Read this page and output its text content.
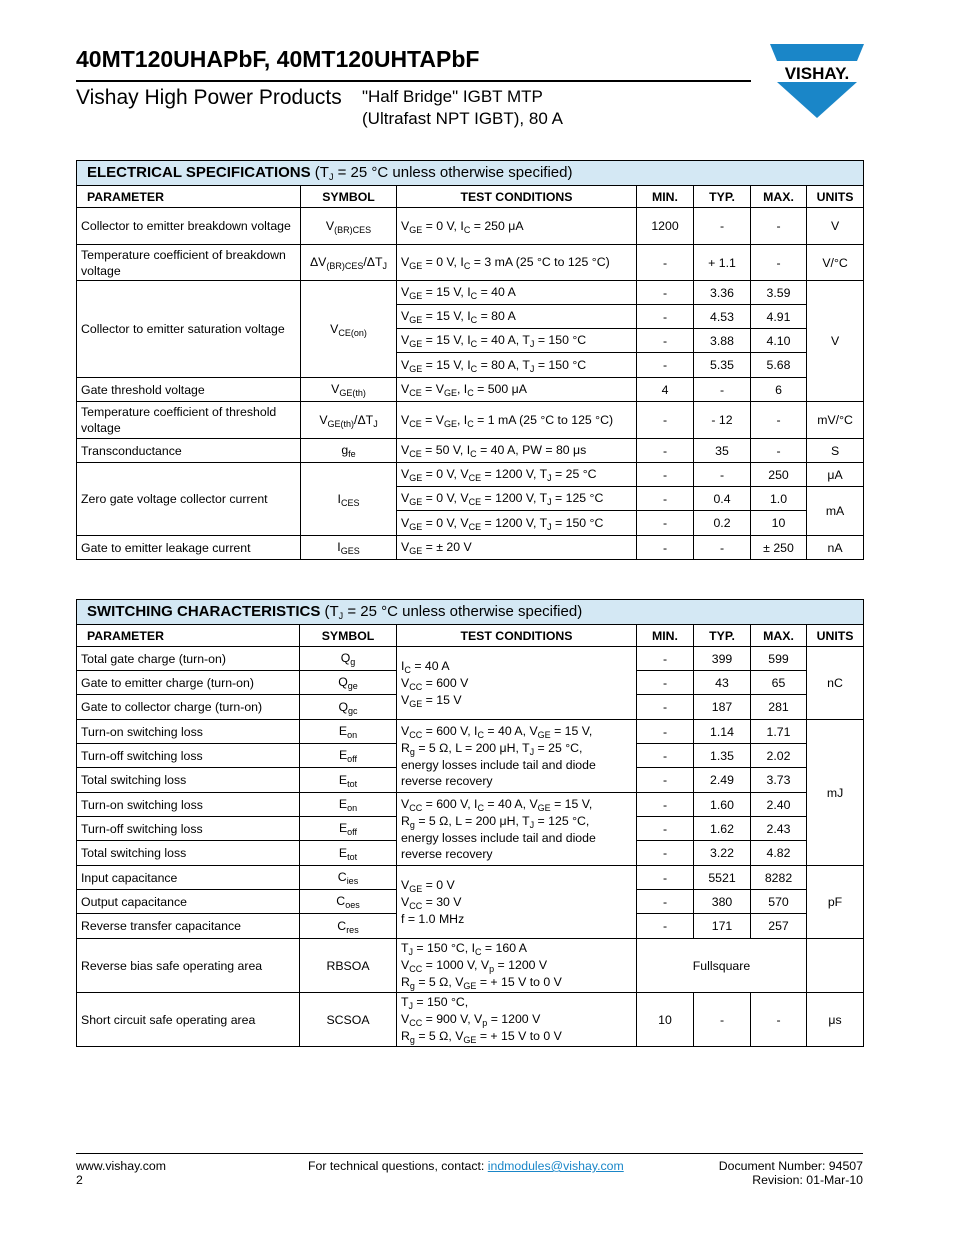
40MT120UHAPbF, 40MT120UHTAPbF
Vishay High Power Products "Half Bridge" IGBT MTP
(Ultrafast NPT IGBT), 80 A
VISHAY.
ELECTRICAL SPECIFICATIONS ($T_J = 25$ °C unless otherwise specified)						
PARAMETER	SYMBOL	TEST CONDITIONS	MIN.	TYP.	MAX.	UNITS
Collector to emitter breakdown voltage	$V_{(BR)CES}$	$V_{GE} = 0$ V, $I_C = 250$ μA	1200	-	-	V
Temperature coefficient of breakdown voltage	$\Delta V_{(BR)CES}/\Delta T_J$	$V_{GE} = 0$ V, $I_C = 3$ mA (25 °C to 125 °C)	-	+ 1.1	-	V/°C
Collector to emitter saturation voltage	$V_{CE(on)}$	$V_{GE} = 15$ V, $I_C = 40$ A	-	3.36	3.59	V
		$V_{GE} = 15$ V, $I_C = 80$ A	-	4.53	4.91	
		$V_{GE} = 15$ V, $I_C = 40$ A, $T_J = 150$ °C	-	3.88	4.10	
		$V_{GE} = 15$ V, $I_C = 80$ A, $T_J = 150$ °C	-	5.35	5.68	
Gate threshold voltage	$V_{GE(th)}$	$V_{CE} = V_{GE}$, $I_C = 500$ μA	4	-	6	
Temperature coefficient of threshold voltage	$V_{GE(th)}/\Delta T_J$	$V_{CE} = V_{GE}$, $I_C = 1$ mA (25 °C to 125 °C)	-	- 12	-	mV/°C
Transconductance	$g_{fe}$	$V_{CE} = 50$ V, $I_C = 40$ A, PW = 80 μs	-	35	-	S
Zero gate voltage collector current	$I_{CES}$	$V_{GE} = 0$ V, $V_{CE} = 1200$ V, $T_J = 25$ °C	-	-	250	μA
		$V_{GE} = 0$ V, $V_{CE} = 1200$ V, $T_J = 125$ °C	-	0.4	1.0	mA
		$V_{GE} = 0$ V, $V_{CE} = 1200$ V, $T_J = 150$ °C	-	0.2	10	
Gate to emitter leakage current	$I_{GES}$	$V_{GE}$ = ± 20 V	-	-	± 250	nA
SWITCHING CHARACTERISTICS ($T_J = 25$ °C unless otherwise specified)						
PARAMETER	SYMBOL	TEST CONDITIONS	MIN.	TYP.	MAX.	UNITS
Total gate charge (turn-on)	$Q_g$	$I_C = 40$ A
$V_{CC} = 600$ V
$V_{GE} = 15$ V	-	399	599	nC
Gate to emitter charge (turn-on)	$Q_{ge}$		-	43	65	
Gate to collector charge (turn-on)	$Q_{gc}$		-	187	281	
Turn-on switching loss	$E_{on}$	$V_{CC} = 600$ V, $I_C = 40$ A, $V_{GE} = 15$ V,
$R_g = 5$ Ω, L = 200 μH, $T_J = 25$ °C,
energy losses include tail and diode
reverse recovery	-	1.14	1.71	mJ
Turn-off switching loss	$E_{off}$		-	1.35	2.02	
Total switching loss	$E_{tot}$		-	2.49	3.73	
Turn-on switching loss	$E_{on}$	$V_{CC} = 600$ V, $I_C = 40$ A, $V_{GE} = 15$ V,
$R_g = 5$ Ω, L = 200 μH, $T_J = 125$ °C,
energy losses include tail and diode
reverse recovery	-	1.60	2.40	
Turn-off switching loss	$E_{off}$		-	1.62	2.43	
Total switching loss	$E_{tot}$		-	3.22	4.82	
Input capacitance	$C_{ies}$	$V_{GE} = 0$ V
$V_{CC} = 30$ V
f = 1.0 MHz	-	5521	8282	pF
Output capacitance	$C_{oes}$		-	380	570	
Reverse transfer capacitance	$C_{res}$		-	171	257	
Reverse bias safe operating area	RBSOA	$T_J = 150$ °C, $I_C = 160$ A
$V_{CC} = 1000$ V, $V_p = 1200$ V
$R_g = 5$ Ω, $V_{GE}$ = + 15 V to 0 V	Fullsquare			
Short circuit safe operating area	SCSOA	$T_J = 150$ °C,
$V_{CC} = 900$ V, $V_p = 1200$ V
$R_g = 5$ Ω, $V_{GE}$ = + 15 V to 0 V	10	-	-	μs
www.vishay.com
2
For technical questions, contact: indmodules@vishay.com	Document Number: 94507
Revision: 01-Mar-10
